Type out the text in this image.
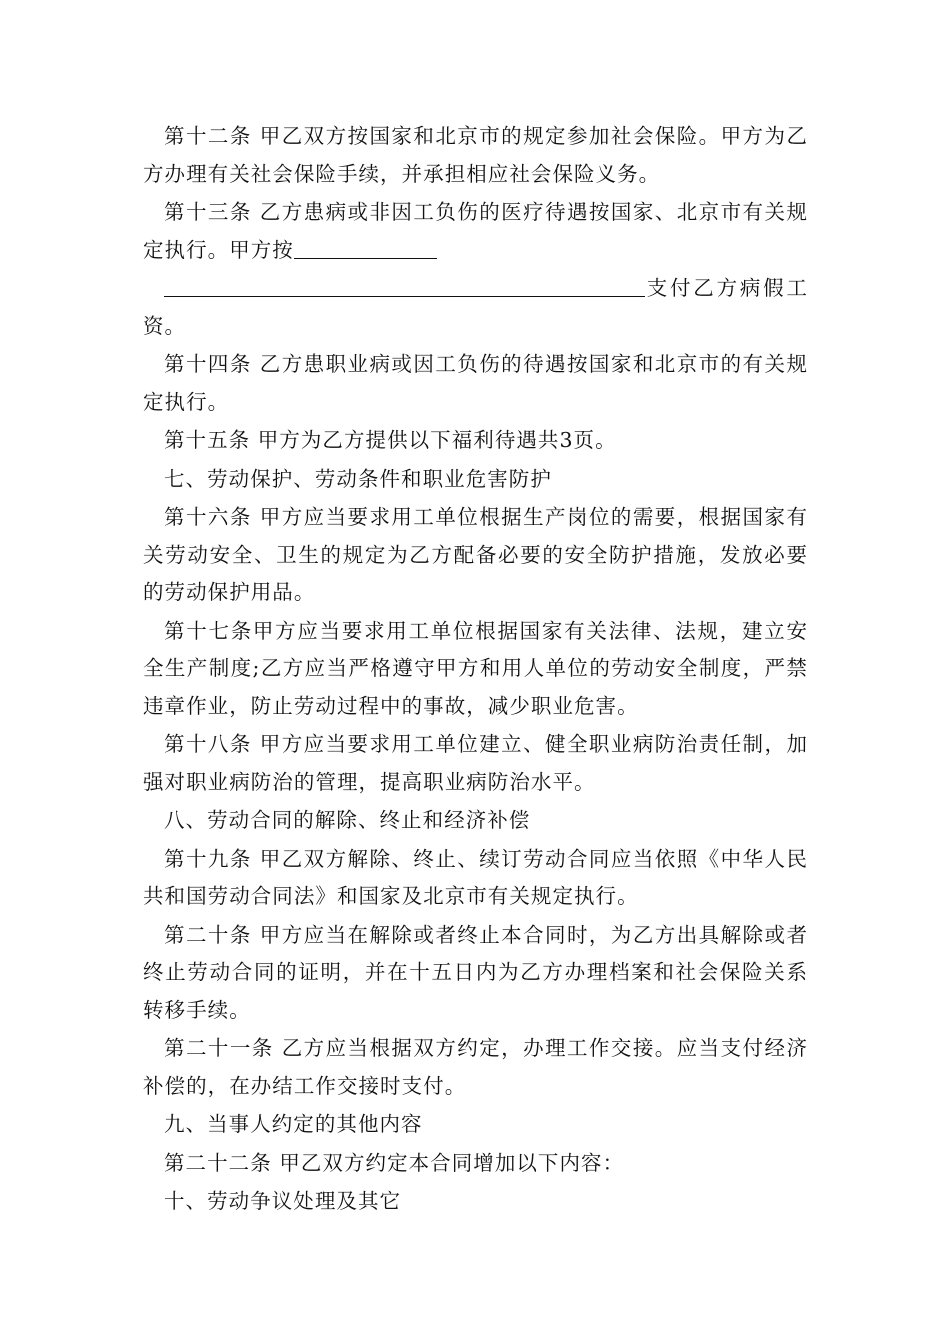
第十二条 甲乙双方按国家和北京市的规定参加社会保险。甲方为乙方办理有关社会保险手续，并承担相应社会保险义务。

第十三条 乙方患病或非因工负伤的医疗待遇按国家、北京市有关规定执行。甲方按

支付乙方病假工资。

第十四条 乙方患职业病或因工负伤的待遇按国家和北京市的有关规定执行。

第十五条 甲方为乙方提供以下福利待遇共3页。

七、劳动保护、劳动条件和职业危害防护

第十六条 甲方应当要求用工单位根据生产岗位的需要，根据国家有关劳动安全、卫生的规定为乙方配备必要的安全防护措施，发放必要的劳动保护用品。

第十七条甲方应当要求用工单位根据国家有关法律、法规，建立安全生产制度;乙方应当严格遵守甲方和用人单位的劳动安全制度，严禁违章作业，防止劳动过程中的事故，减少职业危害。

第十八条 甲方应当要求用工单位建立、健全职业病防治责任制，加强对职业病防治的管理，提高职业病防治水平。

八、劳动合同的解除、终止和经济补偿

第十九条 甲乙双方解除、终止、续订劳动合同应当依照《中华人民共和国劳动合同法》和国家及北京市有关规定执行。

第二十条 甲方应当在解除或者终止本合同时，为乙方出具解除或者终止劳动合同的证明，并在十五日内为乙方办理档案和社会保险关系转移手续。

第二十一条 乙方应当根据双方约定，办理工作交接。应当支付经济补偿的，在办结工作交接时支付。

九、当事人约定的其他内容

第二十二条 甲乙双方约定本合同增加以下内容：

十、劳动争议处理及其它
